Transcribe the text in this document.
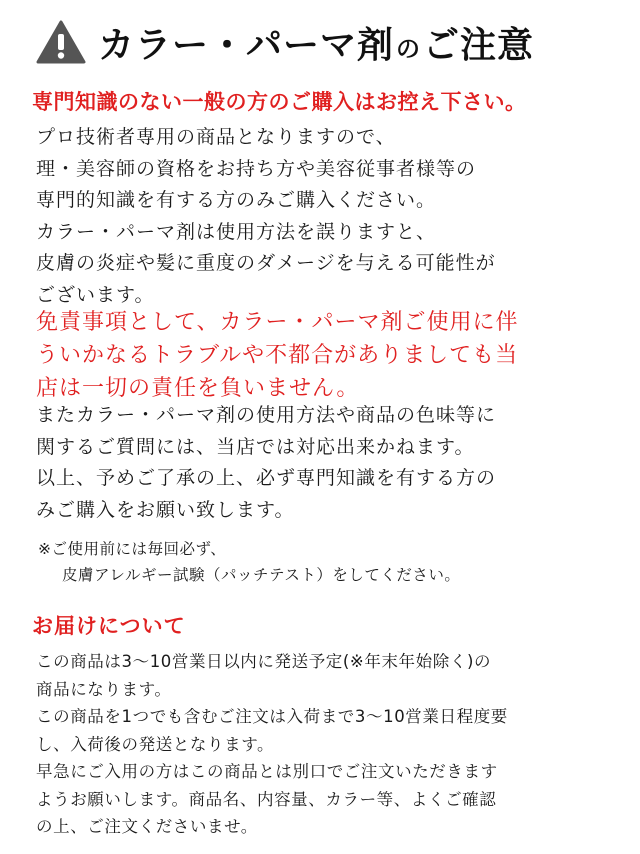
カラー・パーマ剤のご注意
専門知識のない一般の方のご購入はお控え下さい。
プロ技術者専用の商品となりますので、
理・美容師の資格をお持ち方や美容従事者様等の
専門的知識を有する方のみご購入ください。
カラー・パーマ剤は使用方法を誤りますと、
皮膚の炎症や髪に重度のダメージを与える可能性が
ございます。
免責事項として、カラー・パーマ剤ご使用に伴
ういかなるトラブルや不都合がありましても当
店は一切の責任を負いません。
またカラー・パーマ剤の使用方法や商品の色味等に
関するご質問には、当店では対応出来かねます。
以上、予めご了承の上、必ず専門知識を有する方の
みご購入をお願い致します。
※ご使用前には毎回必ず、
皮膚アレルギー試験（パッチテスト）をしてください。
お届けについて
この商品は3～10営業日以内に発送予定(※年末年始除く)の
商品になります。
この商品を1つでも含むご注文は入荷まで3～10営業日程度要
し、入荷後の発送となります。
早急にご入用の方はこの商品とは別口でご注文いただきます
ようお願いします。商品名、内容量、カラー等、よくご確認
の上、ご注文くださいませ。
